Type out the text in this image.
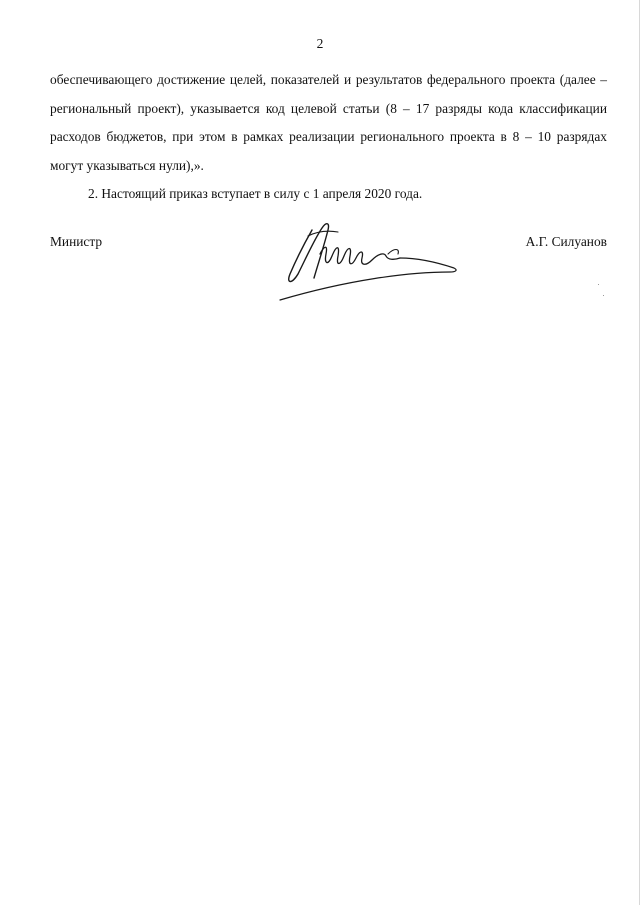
2

обеспечивающего достижение целей, показателей и результатов федерального проекта (далее – региональный проект), указывается код целевой статьи (8 – 17 разряды кода классификации расходов бюджетов, при этом в рамках реализации регионального проекта в 8 – 10 разрядах могут указываться нули),».

2. Настоящий приказ вступает в силу с 1 апреля 2020 года.

Министр	А.Г. Силуанов
